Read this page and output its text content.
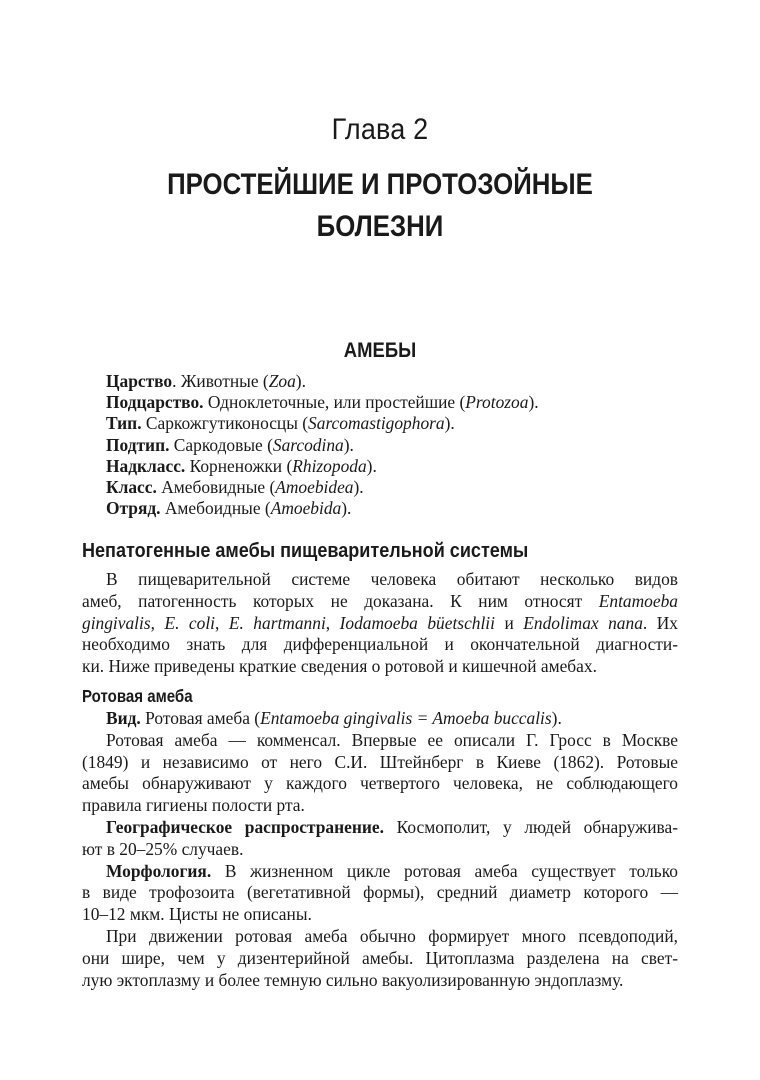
Глава 2
ПРОСТЕЙШИЕ И ПРОТОЗОЙНЫЕ
БОЛЕЗНИ
АМЕБЫ
Царство. Животные (Zoa).
Подцарство. Одноклеточные, или простейшие (Protozoa).
Тип. Саркожгутиконосцы (Sarcomastigophora).
Подтип. Саркодовые (Sarcodina).
Надкласс. Корненожки (Rhizopoda).
Класс. Амебовидные (Amoebidea).
Отряд. Амебоидные (Amoebida).
Непатогенные амебы пищеварительной системы
В пищеварительной системе человека обитают несколько видов
амеб, патогенность которых не доказана. К ним относят Entamoeba
gingivalis, E. coli, E. hartmanni, Iodamoeba büetschlii и Endolimax nana. Их
необходимо знать для дифференциальной и окончательной диагности-
ки. Ниже приведены краткие сведения о ротовой и кишечной амебах.
Ротовая амеба
Вид. Ротовая амеба (Entamoeba gingivalis = Amoeba buccalis).
Ротовая амеба — комменсал. Впервые ее описали Г. Гросс в Москве
(1849) и независимо от него С.И. Штейнберг в Киеве (1862). Ротовые
амебы обнаруживают у каждого четвертого человека, не соблюдающего
правила гигиены полости рта.
Географическое распространение. Космополит, у людей обнаружива-
ют в 20–25% случаев.
Морфология. В жизненном цикле ротовая амеба существует только
в виде трофозоита (вегетативной формы), средний диаметр которого —
10–12 мкм. Цисты не описаны.
При движении ротовая амеба обычно формирует много псевдоподий,
они шире, чем у дизентерийной амебы. Цитоплазма разделена на свет-
лую эктоплазму и более темную сильно вакуолизированную эндоплазму.
